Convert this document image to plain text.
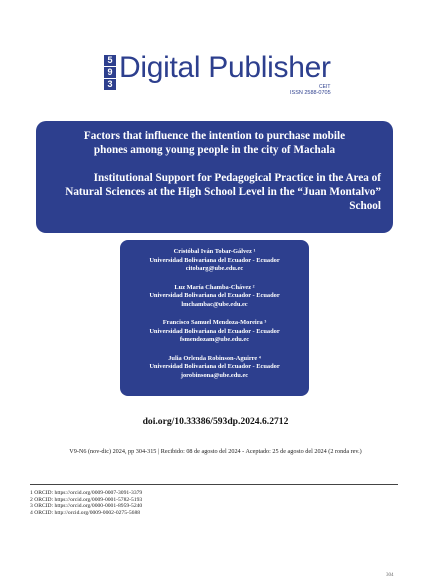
5
9
3 Digital Publisher
CEIT
ISSN 2588-0705

Factors that influence the intention to purchase mobile

phones among young people in the city of Machala

Institutional Support for Pedagogical Practice in the Area of
Natural Sciences at the High School Level in the “Juan Montalvo”
School
Cristóbal Iván Tobar-Gálvez ¹
Universidad Bolivariana del Ecuador - Ecuador
citobarg@ube.edu.ec
Luz María Chamba-Chávez ²
Universidad Bolivariana del Ecuador - Ecuador
lmchambac@ube.edu.ec
Francisco Samuel Mendoza-Moreira ³
Universidad Bolivariana del Ecuador - Ecuador
fsmendozam@ube.edu.ec
Julia Orlenda Robinson-Aguirre ⁴
Universidad Bolivariana del Ecuador - Ecuador
jorobinsona@ube.edu.ec
doi.org/10.33386/593dp.2024.6.2712
V9-N6 (nov-dic) 2024, pp 304-315 | Recibido: 08 de agosto del 2024 - Aceptado: 25 de agosto del 2024 (2 ronda rev.)
1 ORCID: https://orcid.org/0009-0007-3091-3379
2 ORCID: https://orcid.org/0009-0001-5782-5193
3 ORCID: https://orcid.org/0000-0001-8959-5240
4 ORCID: http://orcid.org/0009-0002-0275-5688
304
